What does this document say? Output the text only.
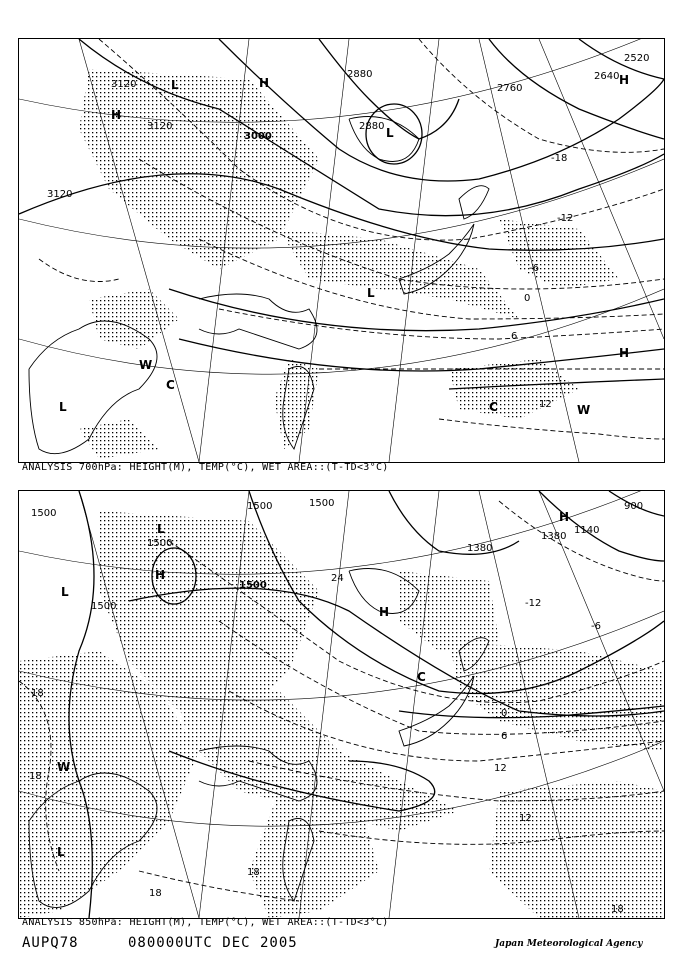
3120
3120
3120
3000
2880
2880
2760
2640
2520
-18
-12
-6
0
6
12
H
L
L
L
H
W
C
H
C	W
H
L
ANALYSIS 700hPa: HEIGHT(M), TEMP(°C), WET AREA::(T-TD<3°C)
1500
1500
1500
1500
1500	1500
1380
1380
1140
900
24
-12
-6
0
6
12
18
18
18
18
12
18
L
L
H
H
W
L
C
H
ANALYSIS 850hPa: HEIGHT(M), TEMP(°C), WET AREA::(T-TD<3°C)
AUPQ78	080000UTC DEC 2005	Japan Meteorological Agency
